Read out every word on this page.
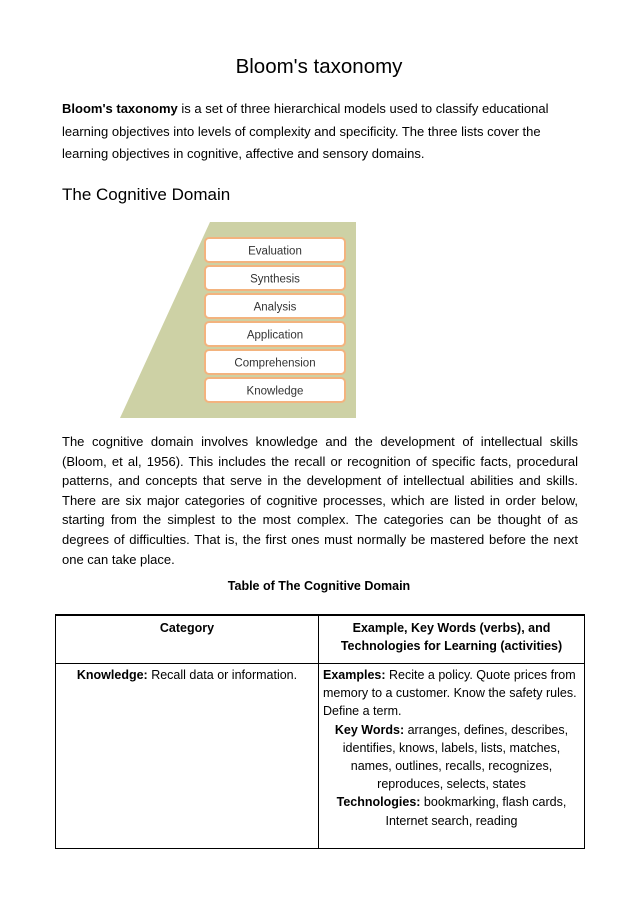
Bloom's taxonomy
Bloom's taxonomy is a set of three hierarchical models used to classify educational
learning objectives into levels of complexity and specificity. The three lists cover the
learning objectives in cognitive, affective and sensory domains.
The Cognitive Domain
Evaluation
Synthesis
Analysis
Application
Comprehension
Knowledge
The cognitive domain involves knowledge and the development of intellectual skills (Bloom, et al, 1956). This includes the recall or recognition of specific facts, procedural patterns, and concepts that serve in the development of intellectual abilities and skills. There are six major categories of cognitive processes, which are listed in order below, starting from the simplest to the most complex. The categories can be thought of as degrees of difficulties. That is, the first ones must normally be mastered before the next one can take place.
Table of The Cognitive Domain
Category	Example, Key Words (verbs), and Technologies for Learning (activities)
Knowledge: Recall data or information.	Examples: Recite a policy. Quote prices from memory to a customer. Know the safety rules. Define a term.
Key Words: arranges, defines, describes, identifies, knows, labels, lists, matches, names, outlines, recalls, recognizes, reproduces, selects, states
Technologies: bookmarking, flash cards, Internet search, reading
